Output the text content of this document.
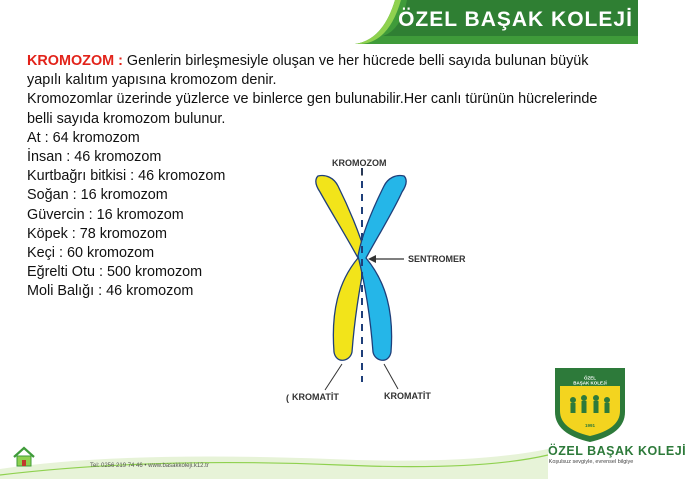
ÖZEL BAŞAK KOLEJİ

KROMOZOM : Genlerin birleşmesiyle oluşan ve her hücrede belli sayıda bulunan büyük yapılı kalıtım yapısına kromozom denir.

Kromozomlar üzerinde yüzlerce ve binlerce gen bulunabilir.Her canlı türünün hücrelerinde belli sayıda kromozom bulunur.

At : 64 kromozom
İnsan : 46 kromozom
Kurtbağrı bitkisi : 46 kromozom
Soğan : 16 kromozom
Güvercin : 16 kromozom
Köpek : 78 kromozom
Keçi : 60 kromozom
Eğrelti Otu : 500 kromozom
Moli Balığı : 46 kromozom
KROMOZOM
SENTROMER
( KROMATİT	KROMATİT
Tel: 0256 219 74 46 • www.basakkoleji.k12.tr
ÖZEL
BAŞAK KOLEJİ
1991
ÖZEL BAŞAK KOLEJİ
Koşulsuz sevgiyle, evrensel bilgiye
